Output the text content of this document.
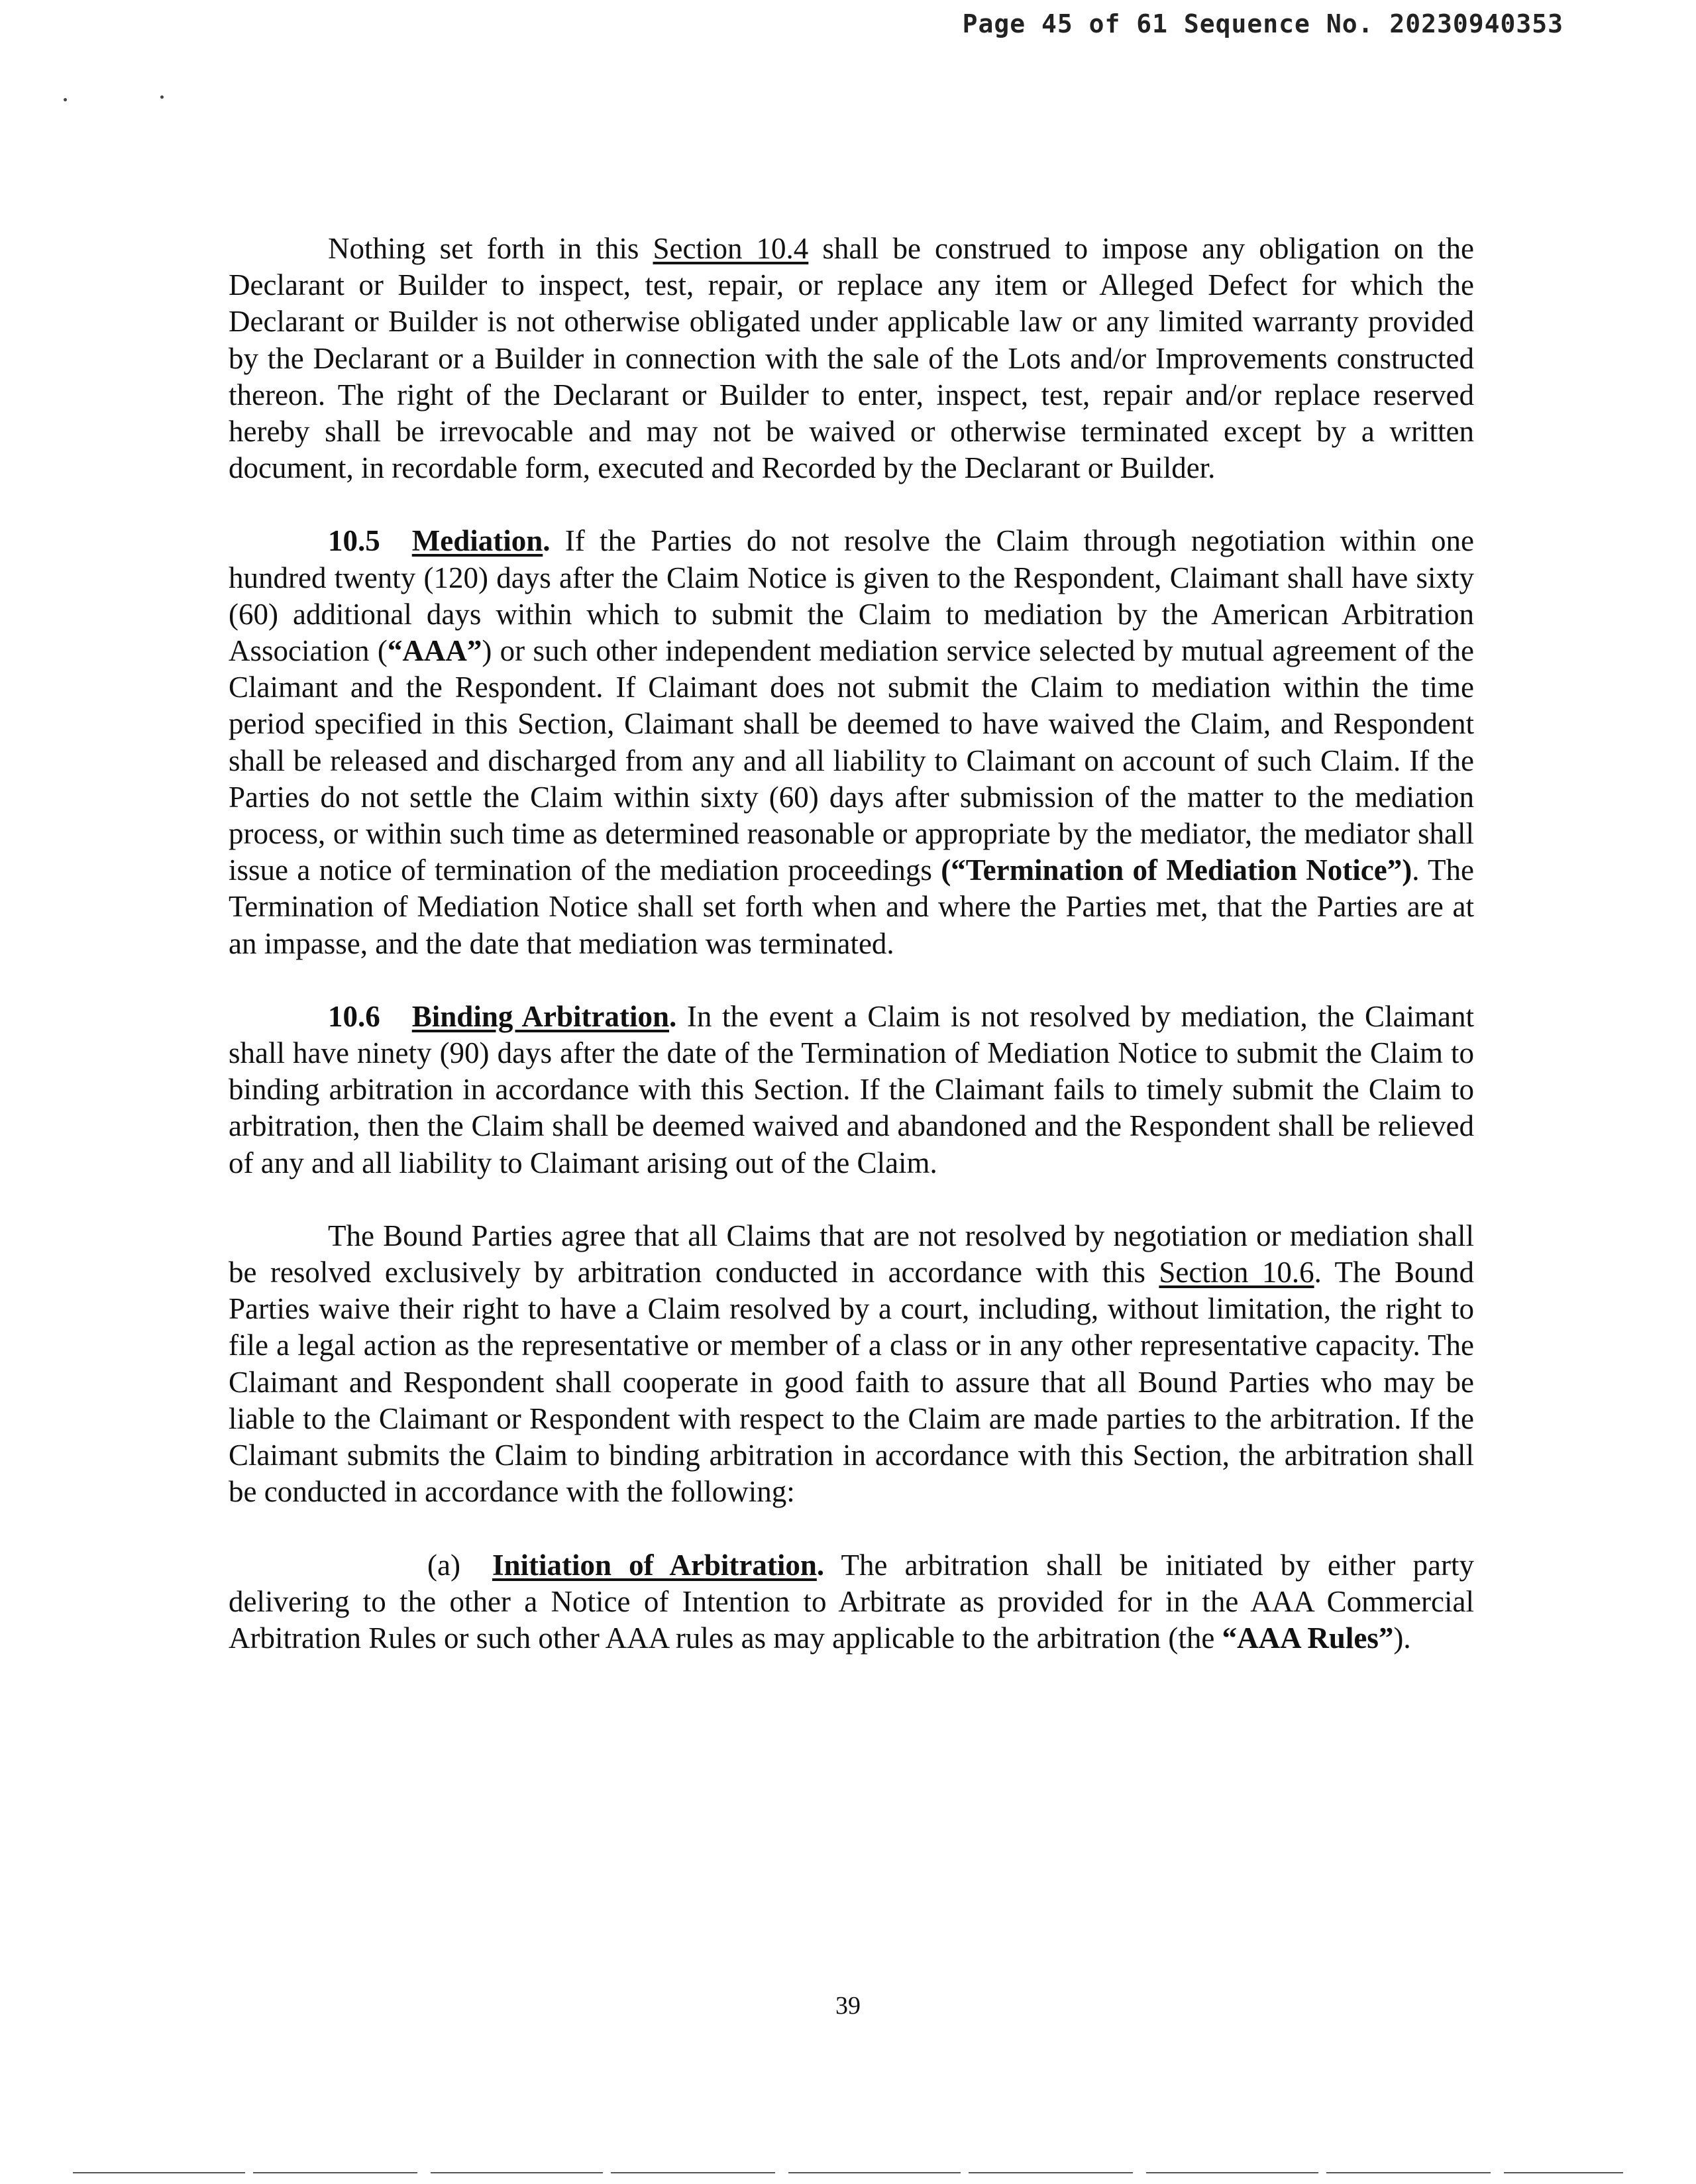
Page 45 of 61 Sequence No. 20230940353

Nothing set forth in this Section 10.4 shall be construed to impose any obligation on the Declarant or Builder to inspect, test, repair, or replace any item or Alleged Defect for which the Declarant or Builder is not otherwise obligated under applicable law or any limited warranty provided by the Declarant or a Builder in connection with the sale of the Lots and/or Improvements constructed thereon. The right of the Declarant or Builder to enter, inspect, test, repair and/or replace reserved hereby shall be irrevocable and may not be waived or otherwise terminated except by a written document, in recordable form, executed and Recorded by the Declarant or Builder.

10.5 Mediation. If the Parties do not resolve the Claim through negotiation within one hundred twenty (120) days after the Claim Notice is given to the Respondent, Claimant shall have sixty (60) additional days within which to submit the Claim to mediation by the American Arbitration Association (“AAA”) or such other independent mediation service selected by mutual agreement of the Claimant and the Respondent. If Claimant does not submit the Claim to mediation within the time period specified in this Section, Claimant shall be deemed to have waived the Claim, and Respondent shall be released and discharged from any and all liability to Claimant on account of such Claim. If the Parties do not settle the Claim within sixty (60) days after submission of the matter to the mediation process, or within such time as determined reasonable or appropriate by the mediator, the mediator shall issue a notice of termination of the mediation proceedings (“Termination of Mediation Notice”). The Termination of Mediation Notice shall set forth when and where the Parties met, that the Parties are at an impasse, and the date that mediation was terminated.

10.6 Binding Arbitration. In the event a Claim is not resolved by mediation, the Claimant shall have ninety (90) days after the date of the Termination of Mediation Notice to submit the Claim to binding arbitration in accordance with this Section. If the Claimant fails to timely submit the Claim to arbitration, then the Claim shall be deemed waived and abandoned and the Respondent shall be relieved of any and all liability to Claimant arising out of the Claim.

The Bound Parties agree that all Claims that are not resolved by negotiation or mediation shall be resolved exclusively by arbitration conducted in accordance with this Section 10.6. The Bound Parties waive their right to have a Claim resolved by a court, including, without limitation, the right to file a legal action as the representative or member of a class or in any other representative capacity. The Claimant and Respondent shall cooperate in good faith to assure that all Bound Parties who may be liable to the Claimant or Respondent with respect to the Claim are made parties to the arbitration. If the Claimant submits the Claim to binding arbitration in accordance with this Section, the arbitration shall be conducted in accordance with the following:

(a) Initiation of Arbitration. The arbitration shall be initiated by either party delivering to the other a Notice of Intention to Arbitrate as provided for in the AAA Commercial Arbitration Rules or such other AAA rules as may applicable to the arbitration (the “AAA Rules”).

39
